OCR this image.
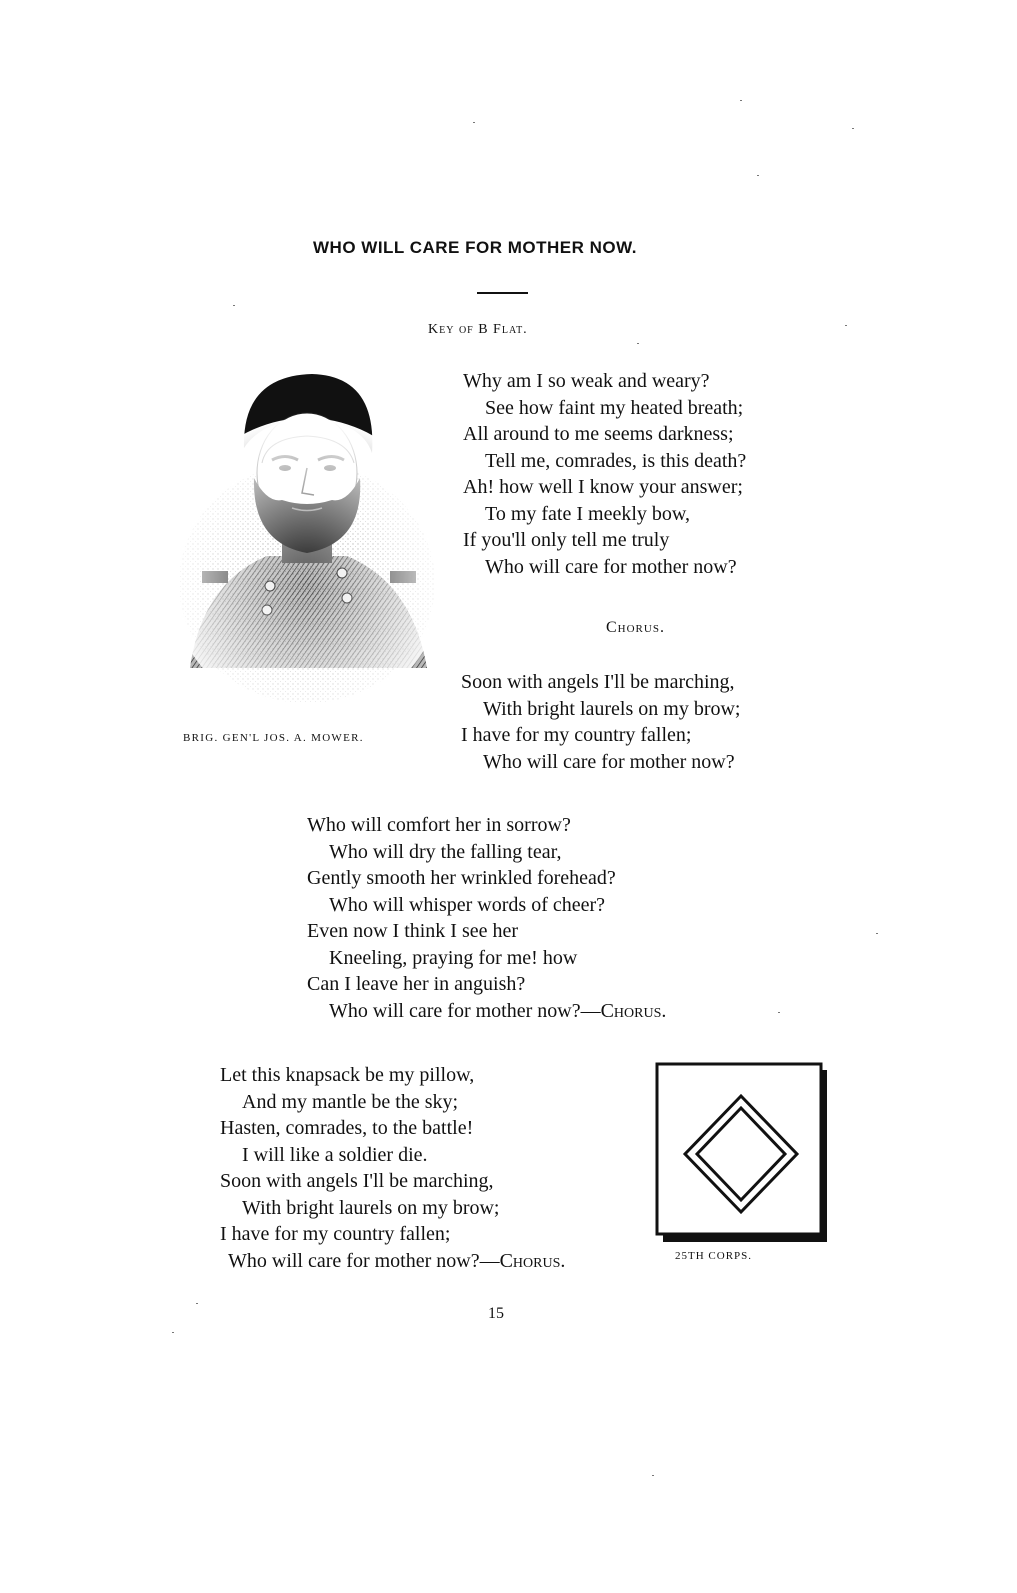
WHO WILL CARE FOR MOTHER NOW.
Key of B Flat.
BRIG. GEN'L JOS. A. MOWER.
Why am I so weak and weary?
See how faint my heated breath;
All around to me seems darkness;
Tell me, comrades, is this death?
Ah! how well I know your answer;
To my fate I meekly bow,
If you'll only tell me truly
Who will care for mother now?
Chorus.
Soon with angels I'll be marching,
With bright laurels on my brow;
I have for my country fallen;
Who will care for mother now?
Who will comfort her in sorrow?
Who will dry the falling tear,
Gently smooth her wrinkled forehead?
Who will whisper words of cheer?
Even now I think I see her
Kneeling, praying for me! how
Can I leave her in anguish?
Who will care for mother now?—Chorus.
Let this knapsack be my pillow,
And my mantle be the sky;
Hasten, comrades, to the battle!
I will like a soldier die.
Soon with angels I'll be marching,
With bright laurels on my brow;
I have for my country fallen;
Who will care for mother now?—Chorus.	25TH CORPS.
15
